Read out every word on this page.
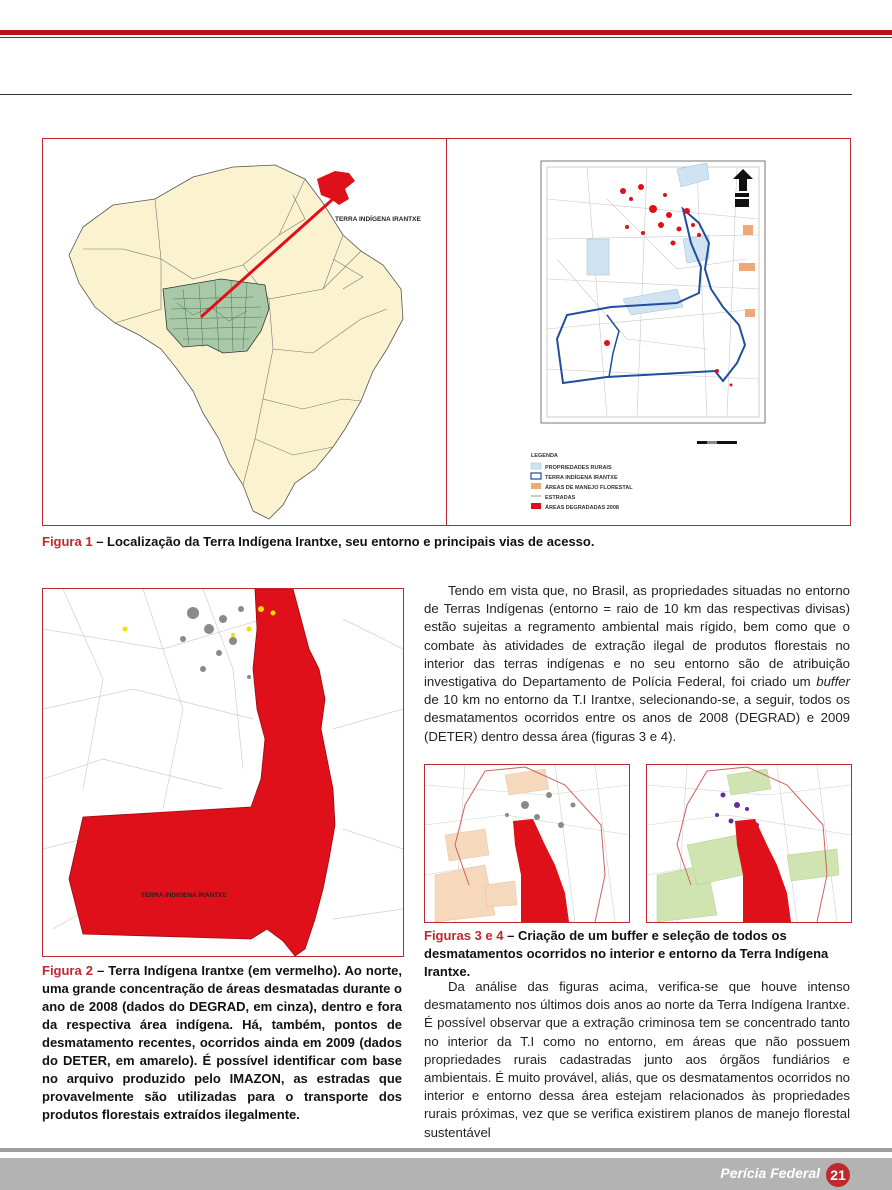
TERRA INDÍGENA IRANTXE
LEGENDA
PROPRIEDADES RURAIS
TERRA INDÍGENA IRANTXE
ÁREAS DE MANEJO FLORESTAL
ESTRADAS
ÁREAS DEGRADADAS 2008
Figura 1 – Localização da Terra Indígena Irantxe, seu entorno e principais vias de acesso.
TERRA INDIGENA IRANTXE
Figura 2 – Terra Indígena Irantxe (em vermelho). Ao norte, uma grande concentração de áreas desmatadas durante o ano de 2008 (dados do DEGRAD, em cinza), dentro e fora da respectiva área indígena. Há, também, pontos de desmatamento recentes, ocorridos ainda em 2009 (dados do DETER, em amarelo). É possível identificar com base no arquivo produzido pelo IMAZON, as estradas que provavelmente são utilizadas para o transporte dos produtos florestais extraídos ilegalmente.

Tendo em vista que, no Brasil, as propriedades situadas no entorno de Terras Indígenas (entorno = raio de 10 km das respectivas divisas) estão sujeitas a regramento ambiental mais rígido, bem como que o combate às atividades de extração ilegal de produtos florestais no interior das terras indígenas e no seu entorno são de atribuição investigativa do Departamento de Polícia Federal, foi criado um buffer de 10 km no entorno da T.I Irantxe, selecionando-se, a seguir, todos os desmatamentos ocorridos entre os anos de 2008 (DEGRAD) e 2009 (DETER) dentro dessa área (figuras 3 e 4).

Figuras 3 e 4 – Criação de um buffer e seleção de todos os desmatamentos ocorridos no interior e entorno da Terra Indígena Irantxe.

Da análise das figuras acima, verifica-se que houve intenso desmatamento nos últimos dois anos ao norte da Terra Indígena Irantxe. É possível observar que a extração criminosa tem se concentrado tanto no interior da T.I como no entorno, em áreas que não possuem propriedades rurais cadastradas junto aos órgãos fundiários e ambientais. É muito provável, aliás, que os desmatamentos ocorridos no interior e entorno dessa área estejam relacionados às propriedades rurais próximas, vez que se verifica existirem planos de manejo florestal sustentável

Perícia Federal 21
